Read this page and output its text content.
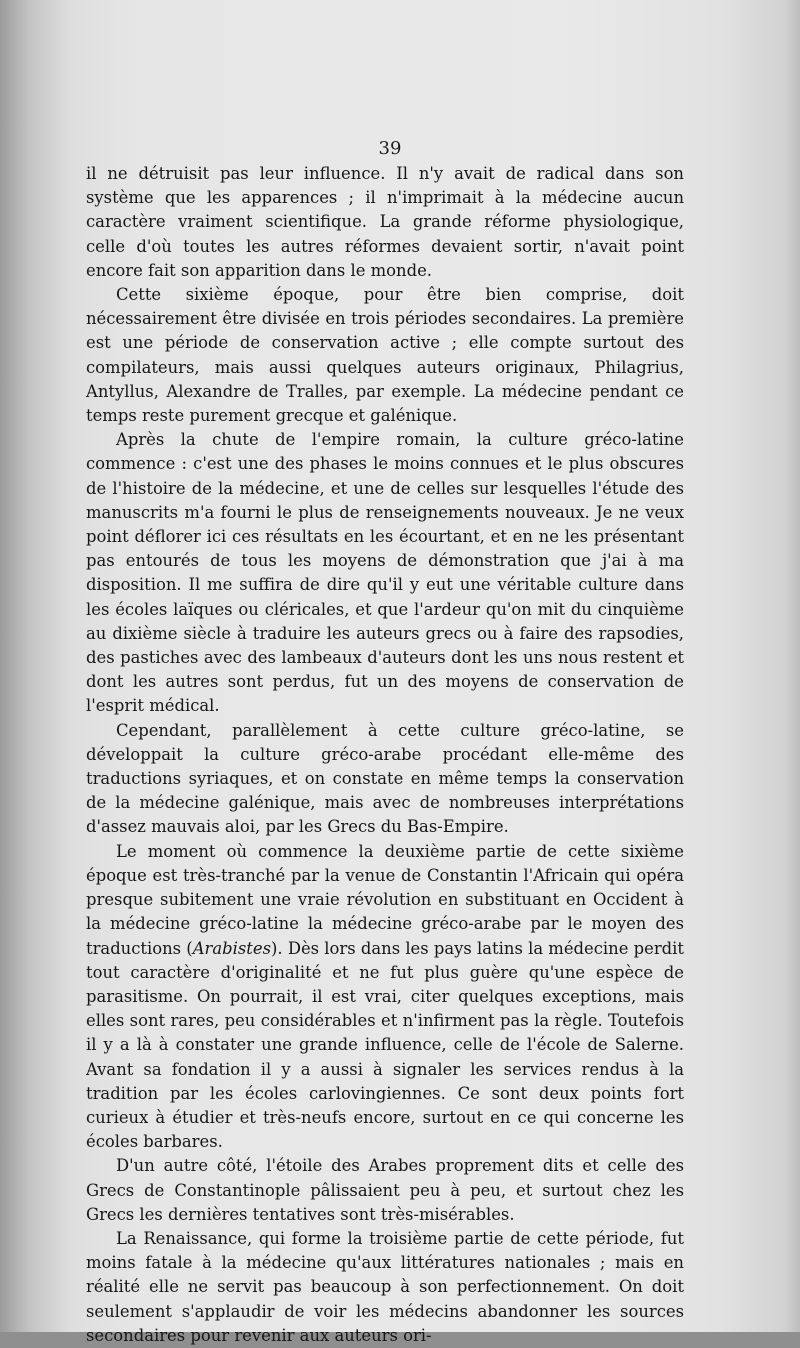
39

il ne détruisit pas leur influence. Il n'y avait de radical dans son système que les apparences ; il n'imprimait à la médecine aucun caractère vraiment scientifique. La grande réforme physiologique, celle d'où toutes les autres réformes devaient sortir, n'avait point encore fait son apparition dans le monde.

Cette sixième époque, pour être bien comprise, doit nécessairement être divisée en trois périodes secondaires. La première est une période de conservation active ; elle compte surtout des compilateurs, mais aussi quelques auteurs originaux, Philagrius, Antyllus, Alexandre de Tralles, par exemple. La médecine pendant ce temps reste purement grecque et galénique.

Après la chute de l'empire romain, la culture gréco-latine commence : c'est une des phases le moins connues et le plus obscures de l'histoire de la médecine, et une de celles sur lesquelles l'étude des manuscrits m'a fourni le plus de renseignements nouveaux. Je ne veux point déflorer ici ces résultats en les écourtant, et en ne les présentant pas entourés de tous les moyens de démonstration que j'ai à ma disposition. Il me suffira de dire qu'il y eut une véritable culture dans les écoles laïques ou cléricales, et que l'ardeur qu'on mit du cinquième au dixième siècle à traduire les auteurs grecs ou à faire des rapsodies, des pastiches avec des lambeaux d'auteurs dont les uns nous restent et dont les autres sont perdus, fut un des moyens de conservation de l'esprit médical.

Cependant, parallèlement à cette culture gréco-latine, se développait la culture gréco-arabe procédant elle-même des traductions syriaques, et on constate en même temps la conservation de la médecine galénique, mais avec de nombreuses interprétations d'assez mauvais aloi, par les Grecs du Bas-Empire.

Le moment où commence la deuxième partie de cette sixième époque est très-tranché par la venue de Constantin l'Africain qui opéra presque subitement une vraie révolution en substituant en Occident à la médecine gréco-latine la médecine gréco-arabe par le moyen des traductions (Arabistes). Dès lors dans les pays latins la médecine perdit tout caractère d'originalité et ne fut plus guère qu'une espèce de parasitisme. On pourrait, il est vrai, citer quelques exceptions, mais elles sont rares, peu considérables et n'infirment pas la règle. Toutefois il y a là à constater une grande influence, celle de l'école de Salerne. Avant sa fondation il y a aussi à signaler les services rendus à la tradition par les écoles carlovingiennes. Ce sont deux points fort curieux à étudier et très-neufs encore, surtout en ce qui concerne les écoles barbares.

D'un autre côté, l'étoile des Arabes proprement dits et celle des Grecs de Constantinople pâlissaient peu à peu, et surtout chez les Grecs les dernières tentatives sont très-misérables.

La Renaissance, qui forme la troisième partie de cette période, fut moins fatale à la médecine qu'aux littératures nationales ; mais en réalité elle ne servit pas beaucoup à son perfectionnement. On doit seulement s'applaudir de voir les médecins abandonner les sources secondaires pour revenir aux auteurs ori-
